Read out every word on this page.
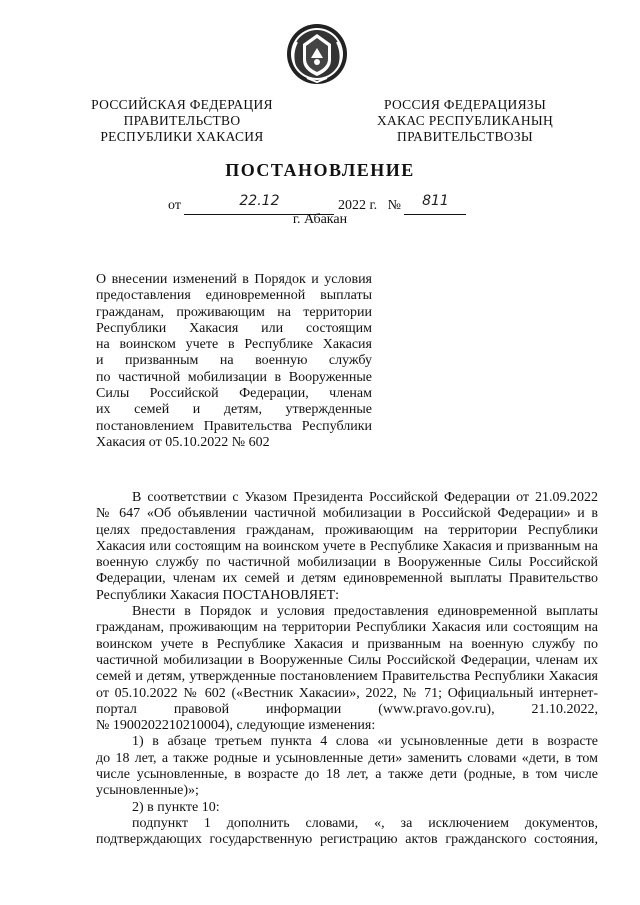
РОССИЙСКАЯ ФЕДЕРАЦИЯ
ПРАВИТЕЛЬСТВО
РЕСПУБЛИКИ ХАКАСИЯ
РОССИЯ ФЕДЕРАЦИЯЗЫ
ХАКАС РЕСПУБЛИКАНЫҢ
ПРАВИТЕЛЬСТВОЗЫ
ПОСТАНОВЛЕНИЕ
от	22.12	2022 г. № 811
г. Абакан
О внесении изменений в Порядок и условия
предоставления единовременной выплаты
гражданам, проживающим на территории
Республики Хакасия или состоящим
на воинском учете в Республике Хакасия
и призванным на военную службу
по частичной мобилизации в Вооруженные
Силы Российской Федерации, членам
их семей и детям, утвержденные
постановлением Правительства Республики
Хакасия от 05.10.2022 № 602
В соответствии с Указом Президента Российской Федерации от 21.09.2022
№ 647 «Об объявлении частичной мобилизации в Российской Федерации» и в
целях предоставления гражданам, проживающим на территории Республики
Хакасия или состоящим на воинском учете в Республике Хакасия и призванным на
военную службу по частичной мобилизации в Вооруженные Силы Российской
Федерации, членам их семей и детям единовременной выплаты Правительство
Республики Хакасия ПОСТАНОВЛЯЕТ:
Внести в Порядок и условия предоставления единовременной выплаты
гражданам, проживающим на территории Республики Хакасия или состоящим на
воинском учете в Республике Хакасия и призванным на военную службу по
частичной мобилизации в Вооруженные Силы Российской Федерации, членам их
семей и детям, утвержденные постановлением Правительства Республики Хакасия
от 05.10.2022 № 602 («Вестник Хакасии», 2022, № 71; Официальный интернет-
портал правовой информации (www.pravo.gov.ru), 21.10.2022,
№ 1900202210210004), следующие изменения:
1) в абзаце третьем пункта 4 слова «и усыновленные дети в возрасте
до 18 лет, а также родные и усыновленные дети» заменить словами «дети, в том
числе усыновленные, в возрасте до 18 лет, а также дети (родные, в том числе
усыновленные)»;
2) в пункте 10:
подпункт 1 дополнить словами, «, за исключением документов,
подтверждающих государственную регистрацию актов гражданского состояния,
